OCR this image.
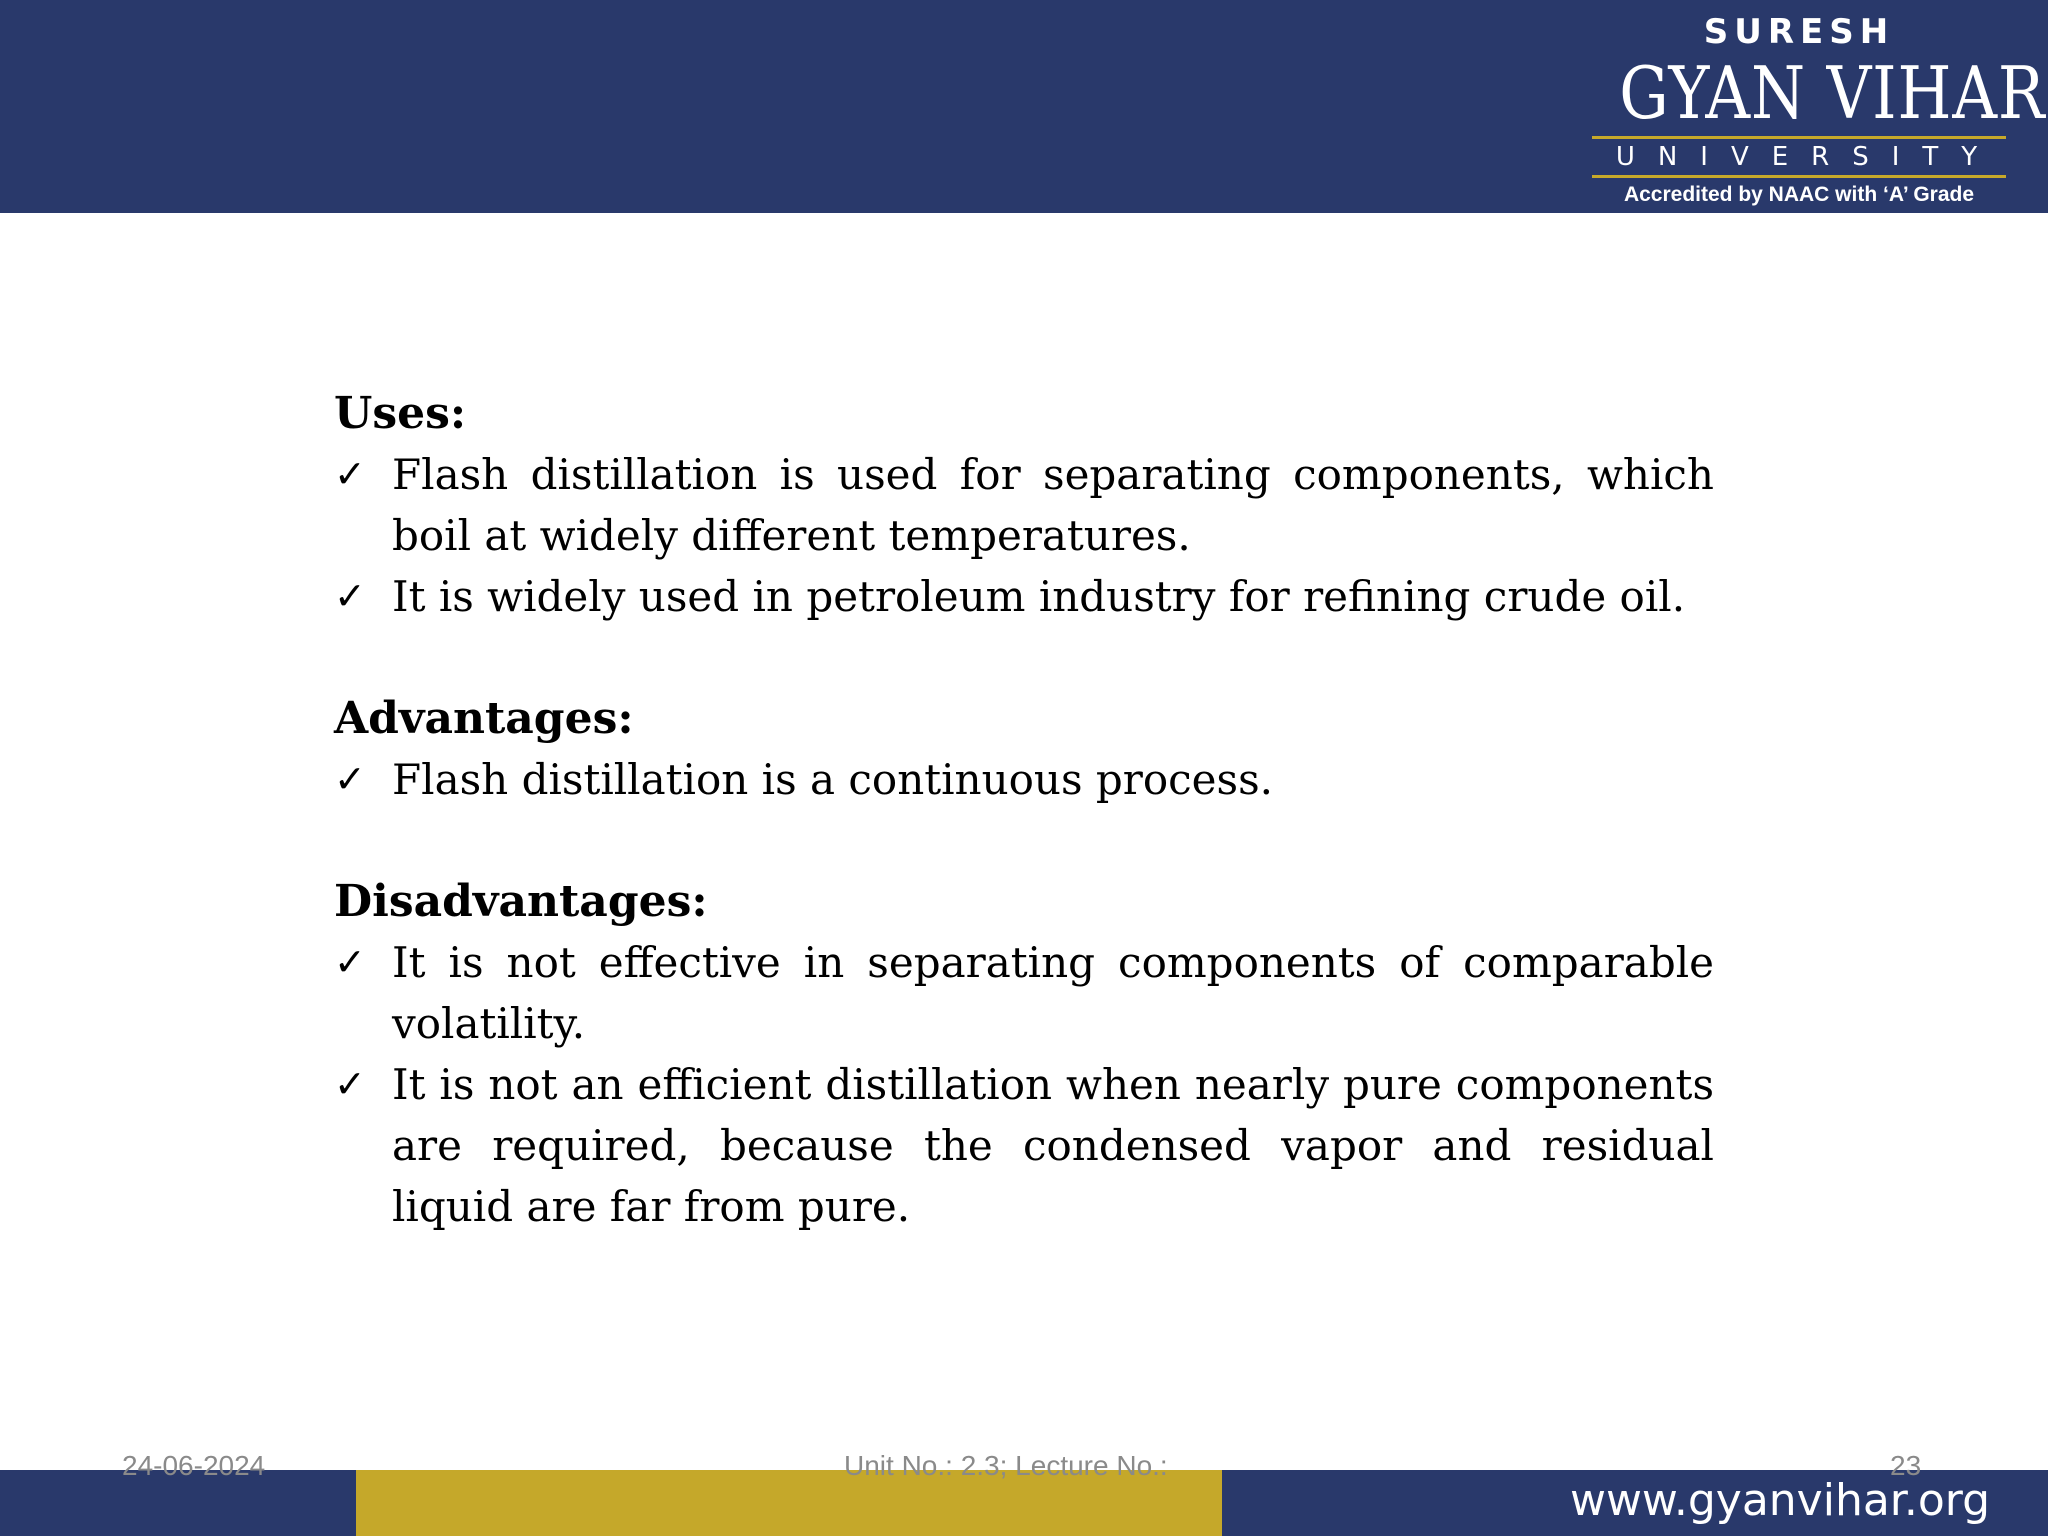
SURESH
GYAN VIHAR
UNIVERSITY
Accredited by NAAC with ‘A’ Grade
Uses:
✓ Flash distillation is used for separating components, which boil at widely different temperatures.
✓ It is widely used in petroleum industry for refining crude oil.
Advantages:
✓ Flash distillation is a continuous process.
Disadvantages:
✓ It is not effective in separating components of comparable volatility.
✓ It is not an efficient distillation when nearly pure components are required, because the condensed vapor and residual liquid are far from pure.
www.gyanvihar.org
24-06-2024	Unit No.: 2.3; Lecture No.:	23
